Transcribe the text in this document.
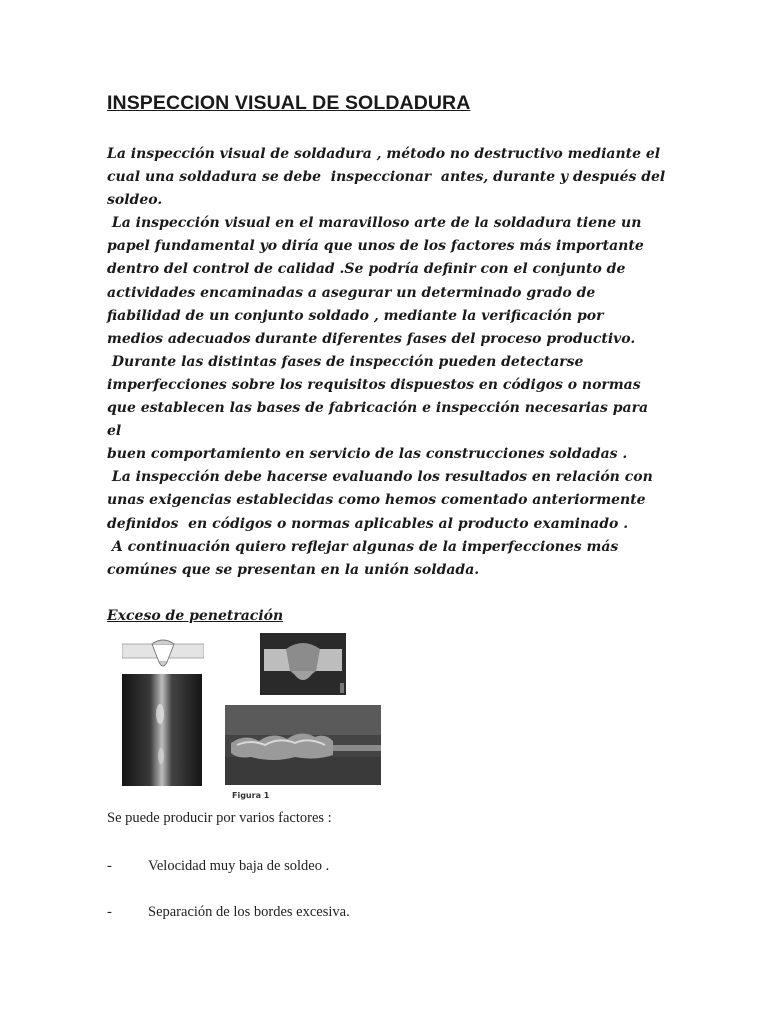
INSPECCION VISUAL DE SOLDADURA

La inspección visual de soldadura , método no destructivo mediante el
cual una soldadura se debe  inspeccionar  antes, durante y después del
soldeo.

La inspección visual en el maravilloso arte de la soldadura tiene un
papel fundamental yo diría que unos de los factores más importante
dentro del control de calidad .Se podría definir con el conjunto de
actividades encaminadas a asegurar un determinado grado de
fiabilidad de un conjunto soldado , mediante la verificación por
medios adecuados durante diferentes fases del proceso productivo.

Durante las distintas fases de inspección pueden detectarse
imperfecciones sobre los requisitos dispuestos en códigos o normas
que establecen las bases de fabricación e inspección necesarias para el
buen comportamiento en servicio de las construcciones soldadas .

La inspección debe hacerse evaluando los resultados en relación con
unas exigencias establecidas como hemos comentado anteriormente
definidos  en códigos o normas aplicables al producto examinado .

A continuación quiero reflejar algunas de la imperfecciones más
comúnes que se presentan en la unión soldada.

Exceso de penetración
Figura 1
Se puede producir por varios factores :
- Velocidad muy baja de soldeo .
- Separación de los bordes excesiva.
